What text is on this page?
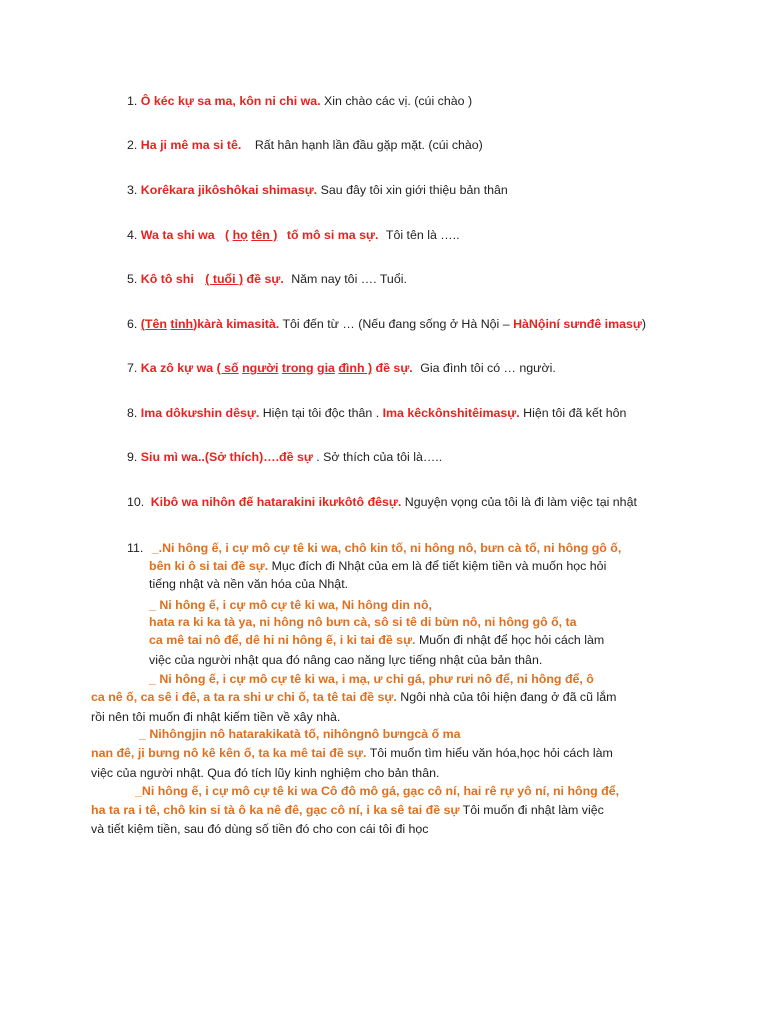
1. Ô kéc kự sa ma, kôn ni chi wa. Xin chào các vị. (cúi chào )
2. Ha ji mê ma si tê. Rất hân hạnh lần đầu gặp mặt. (cúi chào)
3. Korêkara jikôshôkai shimasự. Sau đây tôi xin giới thiệu bản thân
4. Wa ta shi wa   ( họ tên ) tố mô si ma sự. Tôi tên là …..
5. Kô tô shi ( tuổi ) đề sự. Năm nay tôi …. Tuổi.
6. (Tên tỉnh)kàrà kimasità. Tôi đến từ … (Nếu đang sống ở Hà Nội – HàNộiní sưnđê imasự)
7. Ka zô kự wa ( số người trong gia đình ) đề sự. Gia đình tôi có … người.
8. Ima dôkưshin dêsự. Hiện tại tôi độc thân . Ima kêckônshitêimasự. Hiện tôi đã kết hôn
9. Siu mì wa..(Sở thích)….đề sự . Sở thích của tôi là…..
10. Kibô wa nihôn đế hatarakini ikưkôtô đêsự. Nguyện vọng của tôi là đi làm việc tại nhật
11. _.Ni hông ế, i cự mô cự tê ki wa, chô kin tố, ni hông nô, bưn cà tố, ni hông gô ố,
bên ki ô si tai đề sự. Mục đích đi Nhật của em là để tiết kiệm tiền và muốn học hỏi
tiếng nhật và nền văn hóa của Nhật.
_ Ni hông ế, i cự mô cự tê ki wa, Ni hông din nô,
hata ra ki ka tà ya, ni hông nô bưn cà, sô si tê di bừn nô, ni hông gô ố, ta
ca mê tai nô để, dê hi ni hông ế, i ki tai đề sự. Muốn đi nhật để học hỏi cách làm
việc của người nhật qua đó nâng cao năng lực tiếng nhật của bản thân.
_ Ni hông ế, i cự mô cự tê ki wa, i mạ, ư chi gá, phư rưi nô để, ni hông để, ô
ca nê ố, ca sê i đê, a ta ra shi ư chi ố, ta tê tai đề sự. Ngôi nhà của tôi hiện đang ở đã cũ lắm
rồi nên tôi muốn đi nhật kiếm tiền về xây nhà.
_ Nihôngjin nô hatarakikatà tố, nihôngnô bưngcà ố ma
nan đê, ji bưng nô kê kên ố, ta ka mê tai đề sự. Tôi muốn tìm hiểu văn hóa,học hỏi cách làm
việc của người nhật. Qua đó tích lũy kinh nghiệm cho bản thân.
_Ni hông ế, i cự mô cự tê ki wa Cô đô mô gá, gạc cô ní, hai rê rự yô ní, ni hông để,
ha ta ra i tê, chô kin si tà ô ka nê đê, gạc cô ní, i ka sê tai đề sự Tôi muốn đi nhật làm việc
và tiết kiệm tiền, sau đó dùng số tiền đó cho con cái tôi đi học
